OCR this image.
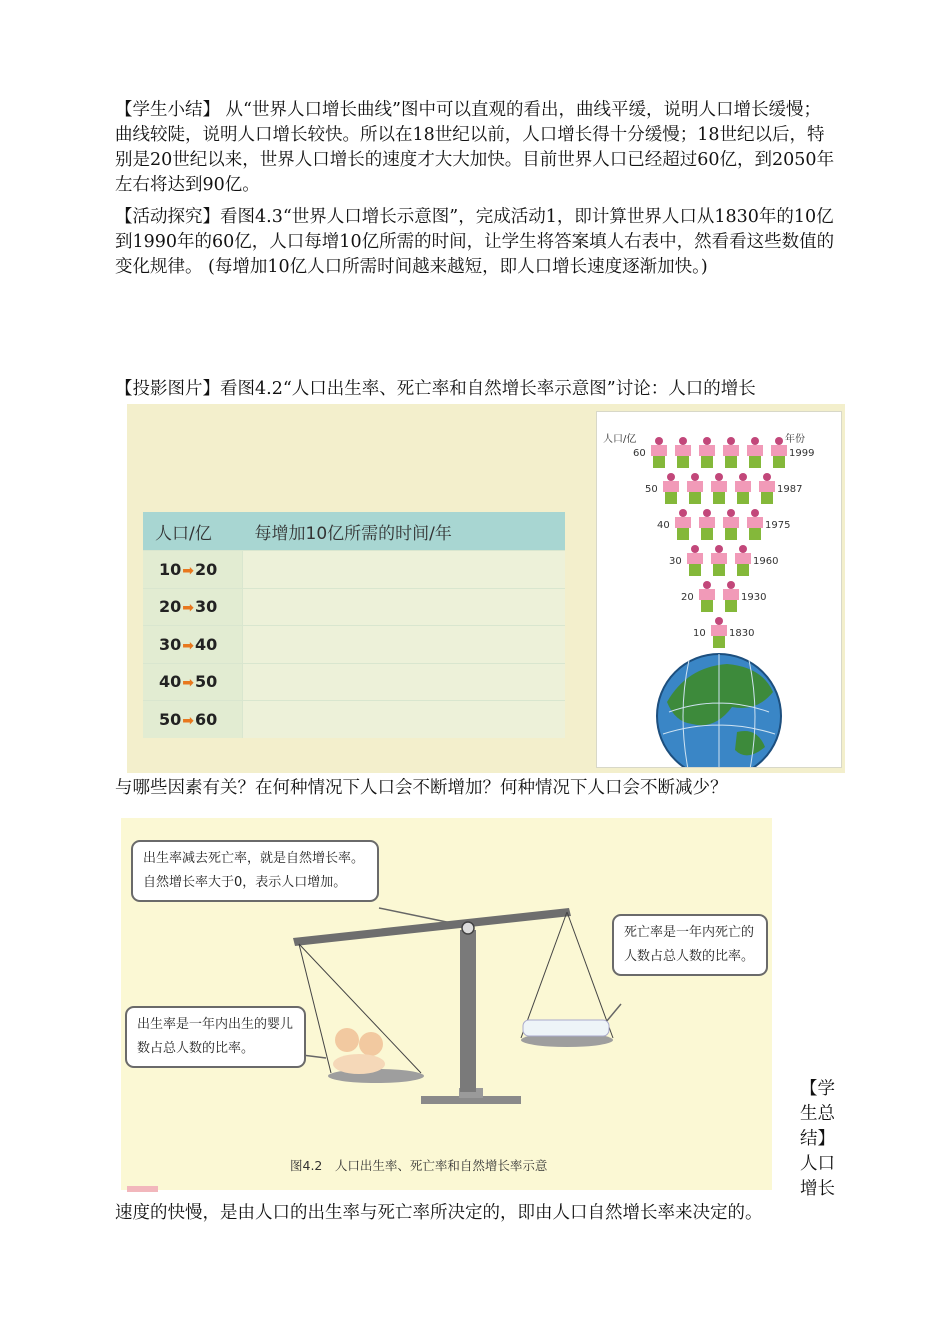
【学生小结】 从“世界人口增长曲线”图中可以直观的看出，曲线平缓，说明人口增长缓慢；曲线较陡，说明人口增长较快。所以在18世纪以前，人口增长得十分缓慢；18世纪以后，特别是20世纪以来，世界人口增长的速度才大大加快。目前世界人口已经超过60亿，到2050年左右将达到90亿。
【活动探究】看图4.3“世界人口增长示意图”，完成活动1，即计算世界人口从1830年的10亿到1990年的60亿，人口每增10亿所需的时间，让学生将答案填人右表中，然看看这些数值的变化规律。 (每增加10亿人口所需时间越来越短，即人口增长速度逐渐加快。)
【投影图片】看图4.2“人口出生率、死亡率和自然增长率示意图”讨论：人口的增长
人口/亿	每增加10亿所需的时间/年
10➡20	
20➡30	
30➡40	
40➡50	
50➡60	
人口/亿	年份
60	1999
50	1987
40	1975
30	1960
20	1930
10 1830
与哪些因素有关？在何种情况下人口会不断增加？何种情况下人口会不断减少？
出生率减去死亡率，就是自然增长率。自然增长率大于0，表示人口增加。
死亡率是一年内死亡的人数占总人数的比率。
出生率是一年内出生的婴儿数占总人数的比率。
图4.2　人口出生率、死亡率和自然增长率示意
【学生总结】人口增长
速度的快慢，是由人口的出生率与死亡率所决定的，即由人口自然增长率来决定的。
